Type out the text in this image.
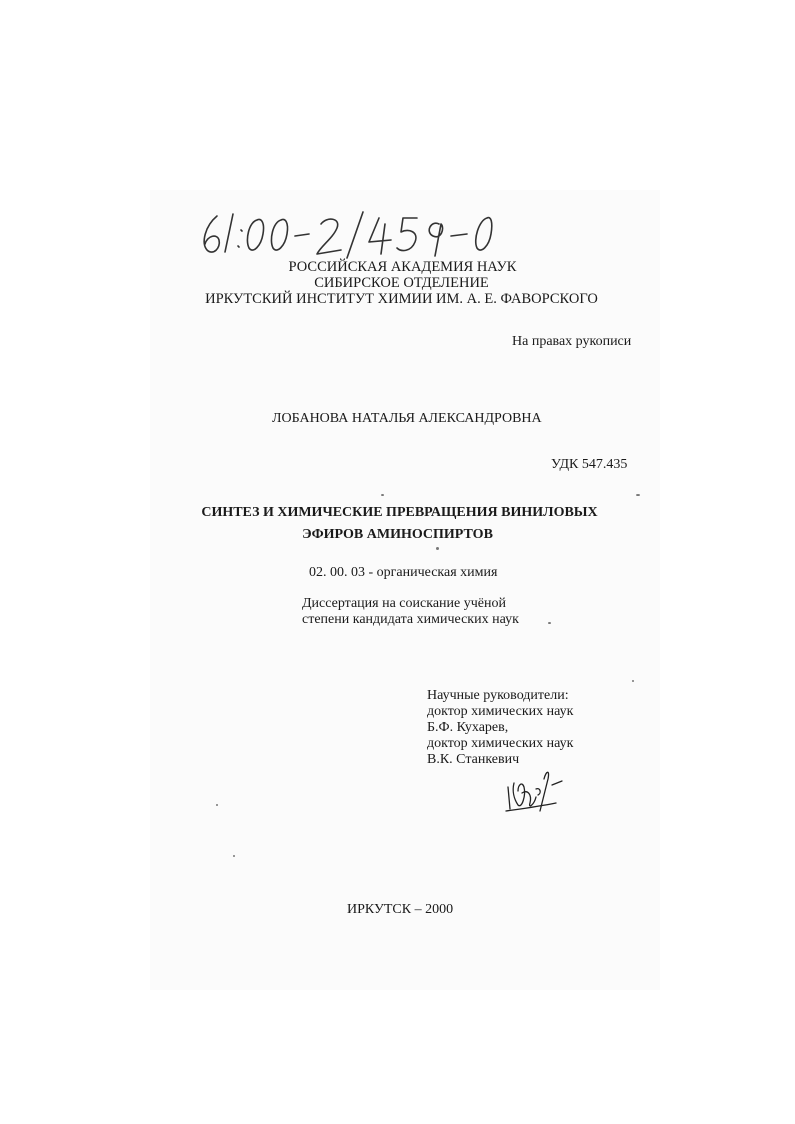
РОССИЙСКАЯ АКАДЕМИЯ НАУК
СИБИРСКОЕ ОТДЕЛЕНИЕ
ИРКУТСКИЙ ИНСТИТУТ ХИМИИ ИМ. А. Е. ФАВОРСКОГО
На правах рукописи
ЛОБАНОВА НАТАЛЬЯ АЛЕКСАНДРОВНА
УДК 547.435
СИНТЕЗ И ХИМИЧЕСКИЕ ПРЕВРАЩЕНИЯ ВИНИЛОВЫХ
ЭФИРОВ АМИНОСПИРТОВ
02. 00. 03 - органическая химия
Диссертация на соискание учёной
степени кандидата химических наук
Научные руководители:
доктор химических наук
Б.Ф. Кухарев,
доктор химических наук
В.К. Станкевич
ИРКУТСК – 2000
